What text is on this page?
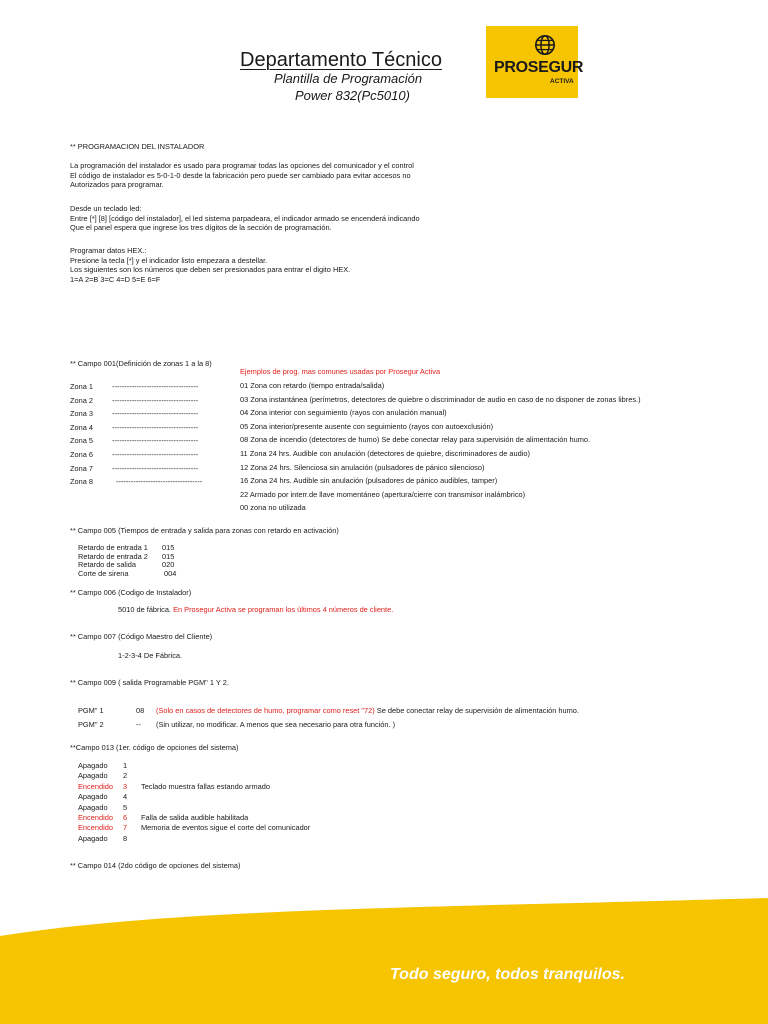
Departamento Técnico
Plantilla de Programación
Power 832(Pc5010)
PROSEGUR
ACTIVA
** PROGRAMACION DEL INSTALADOR
La programación del instalador es usado para programar todas las opciones del comunicador y el control
El código de instalador es 5-0-1-0 desde la fabricación pero puede ser cambiado para evitar accesos no
Autorizados para programar.
Desde un teclado led:
Entre [*] [8] [código del instalador], el led sistema parpadeara, el indicador armado se encenderá indicando
Que el panel espera que ingrese los tres dígitos de la sección de programación.
Programar datos HEX.:
Presione la tecla [*] y el indicador listo empezara a destellar.
Los siguientes son los números que deben ser presionados para entrar el digito HEX.
1=A 2=B 3=C 4=D 5=E 6=F
** Campo 001(Definición de zonas 1 a la 8)
Ejemplos de prog. mas comunes usadas por Prosegur Activa
Zona 1
Zona 2
Zona 3
Zona 4
Zona 5
Zona 6
Zona 7
Zona 8
-----------------------------------
-----------------------------------
-----------------------------------
-----------------------------------
-----------------------------------
-----------------------------------
-----------------------------------
-----------------------------------
01 Zona con retardo (tiempo entrada/salida)
03 Zona instantánea (perímetros, detectores de quiebre o discriminador de audio en caso de no disponer de zonas libres.)
04 Zona interior con seguimiento (rayos con anulación manual)
05 Zona interior/presente ausente con seguimiento (rayos con autoexclusión)
08 Zona de incendio (detectores de humo) Se debe conectar relay para supervisión de alimentación humo.
11 Zona 24 hrs. Audible con anulación (detectores de quiebre, discriminadores de audio)
12 Zona 24 hrs. Silenciosa sin anulación (pulsadores de pánico silencioso)
16 Zona 24 hrs. Audible sin anulación (pulsadores de pánico audibles, tamper)
22 Armado por interr.de llave momentáneo (apertura/cierre con transmisor inalámbrico)
00 zona no utilizada
** Campo 005 (Tiempos de entrada y salida para zonas con retardo en activación)
Retardo de entrada 1
Retardo de entrada 2
Retardo de salida
Corte de sirena
015
015
020
004
** Campo 006 (Codigo de Instalador)
5010 de fábrica. En Prosegur Activa se programan los últimos 4 números de cliente.
** Campo 007 (Código Maestro del Cliente)
1-2-3-4 De Fábrica.
** Campo 009 ( salida Programable PGM" 1 Y 2.
PGM" 1	08 (Solo en casos de detectores de humo, programar como reset "72) Se debe conectar relay de supervisión de alimentación humo.
PGM" 2	-- (Sin utilizar, no modificar. A menos que sea necesario para otra función. )
**Campo 013 (1er. código de opciones del sistema)
Apagado
Apagado
Encendido
Apagado
Apagado
Encendido
Encendido
Apagado
1
2
3
4
5
6
7
8

Teclado muestra fallas estando armado

Falla de salida audible habilitada
Memoria de eventos sigue el corte del comunicador

** Campo 014 (2do código de opciones del sistema)
Todo seguro, todos tranquilos.
